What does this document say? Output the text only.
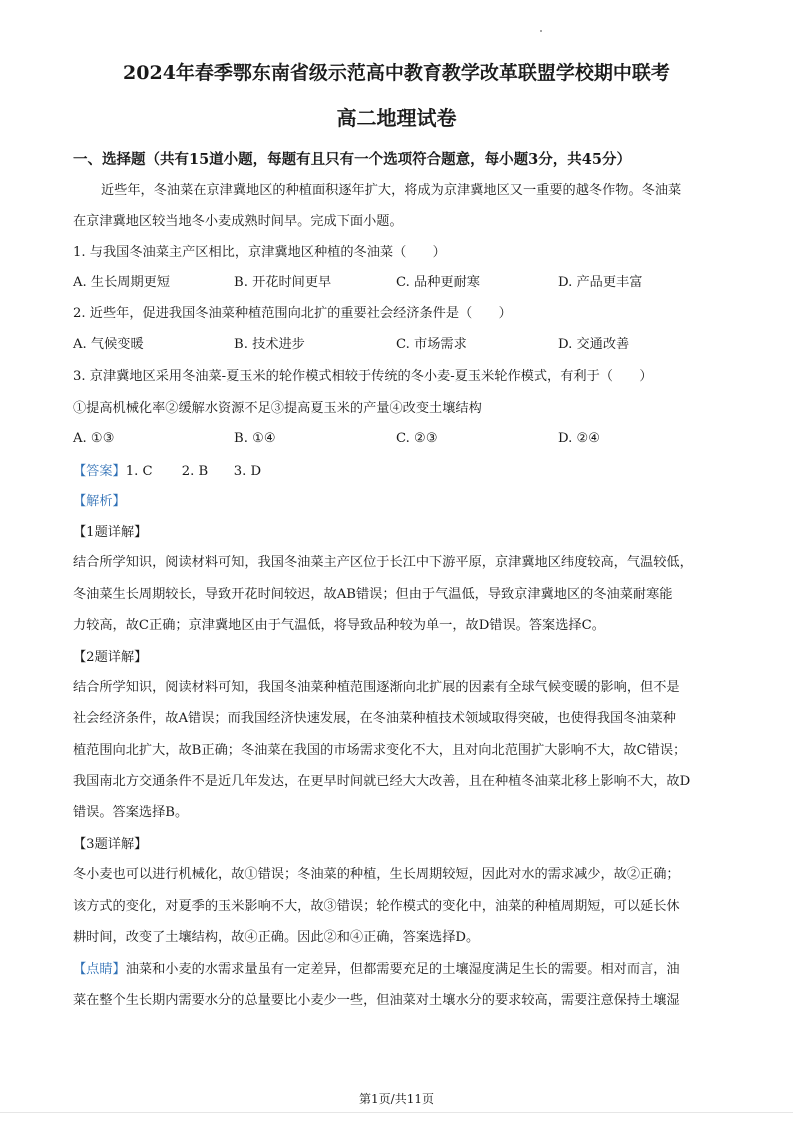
2024年春季鄂东南省级示范高中教育教学改革联盟学校期中联考
高二地理试卷
一、选择题（共有15道小题，每题有且只有一个选项符合题意，每小题3分，共45分）
近些年，冬油菜在京津冀地区的种植面积逐年扩大，将成为京津冀地区又一重要的越冬作物。冬油菜
在京津冀地区较当地冬小麦成熟时间早。完成下面小题。
1. 与我国冬油菜主产区相比，京津冀地区种植的冬油菜（　　）
A. 生长周期更短	B. 开花时间更早	C. 品种更耐寒	D. 产品更丰富
2. 近些年，促进我国冬油菜种植范围向北扩的重要社会经济条件是（　　）
A. 气候变暖	B. 技术进步	C. 市场需求	D. 交通改善
3. 京津冀地区采用冬油菜-夏玉米的轮作模式相较于传统的冬小麦-夏玉米轮作模式，有利于（　　）
①提高机械化率②缓解水资源不足③提高夏玉米的产量④改变土壤结构
A. ①③	B. ①④	C. ②③	D. ②④
【答案】1. C 2. B 3. D
【解析】
【1题详解】
结合所学知识，阅读材料可知，我国冬油菜主产区位于长江中下游平原，京津冀地区纬度较高，气温较低，
冬油菜生长周期较长，导致开花时间较迟，故AB错误；但由于气温低，导致京津冀地区的冬油菜耐寒能
力较高，故C正确；京津冀地区由于气温低，将导致品种较为单一，故D错误。答案选择C。
【2题详解】
结合所学知识，阅读材料可知，我国冬油菜种植范围逐渐向北扩展的因素有全球气候变暖的影响，但不是
社会经济条件，故A错误；而我国经济快速发展，在冬油菜种植技术领域取得突破，也使得我国冬油菜种
植范围向北扩大，故B正确；冬油菜在我国的市场需求变化不大，且对向北范围扩大影响不大，故C错误；
我国南北方交通条件不是近几年发达，在更早时间就已经大大改善，且在种植冬油菜北移上影响不大，故D
错误。答案选择B。
【3题详解】
冬小麦也可以进行机械化，故①错误；冬油菜的种植，生长周期较短，因此对水的需求减少，故②正确；
该方式的变化，对夏季的玉米影响不大，故③错误；轮作模式的变化中，油菜的种植周期短，可以延长休
耕时间，改变了土壤结构，故④正确。因此②和④正确，答案选择D。
【点睛】油菜和小麦的水需求量虽有一定差异，但都需要充足的土壤湿度满足生长的需要。相对而言，油
菜在整个生长期内需要水分的总量要比小麦少一些，但油菜对土壤水分的要求较高，需要注意保持土壤湿
第1页/共11页
